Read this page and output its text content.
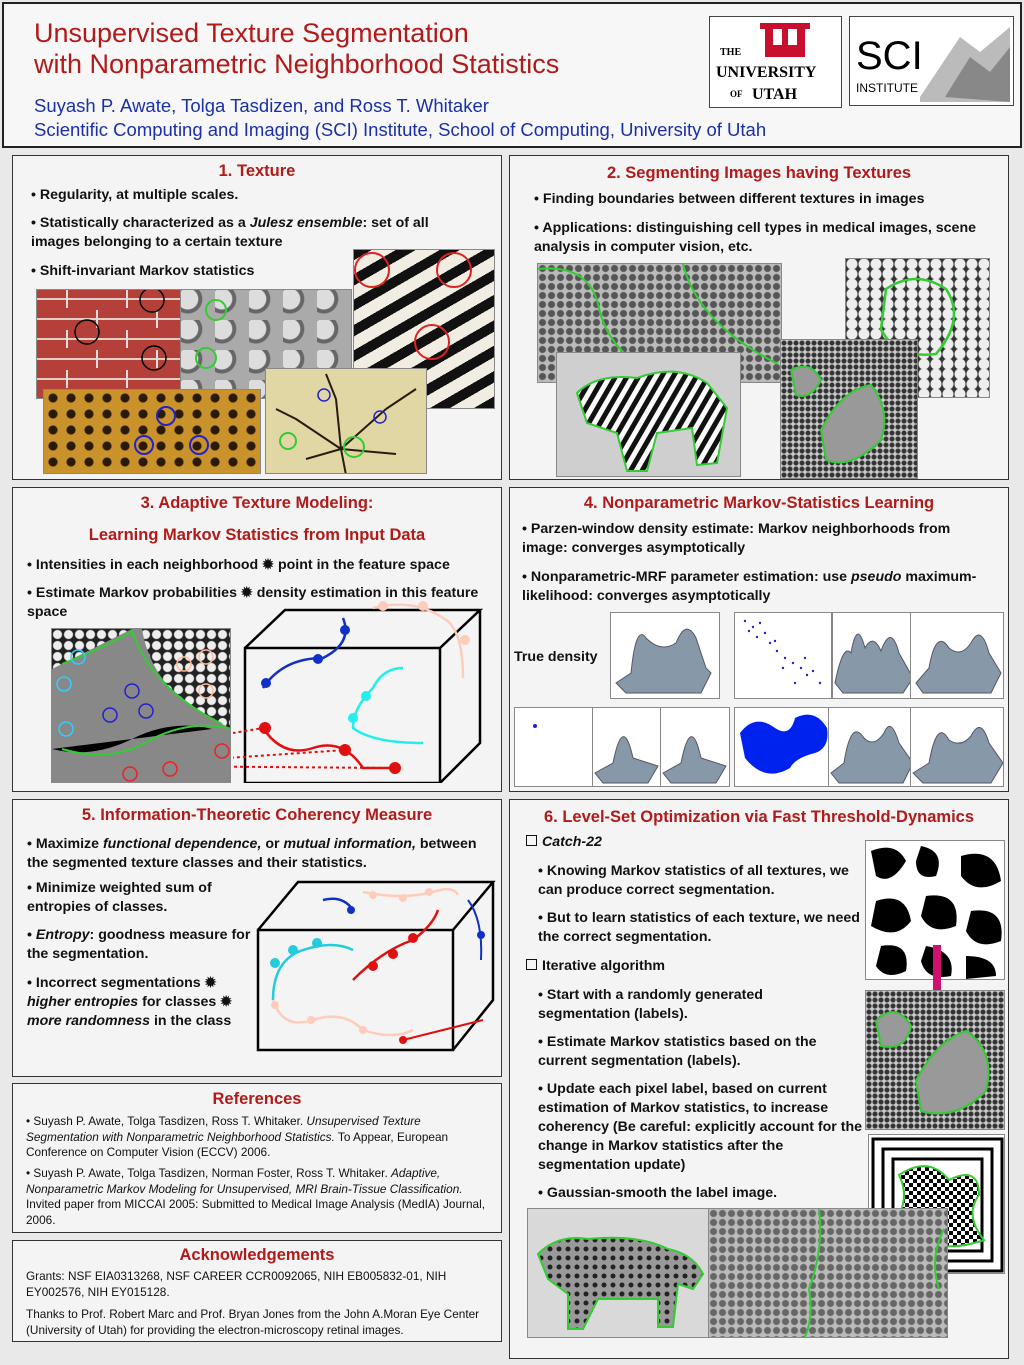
Unsupervised Texture Segmentation
with Nonparametric Neighborhood Statistics
Suyash P. Awate, Tolga Tasdizen, and Ross T. Whitaker
Scientific Computing and Imaging (SCI) Institute, School of Computing, University of Utah
THE
UNIVERSITY
OF UTAH
SCI
INSTITUTE
1. Texture
• Regularity, at multiple scales.
• Statistically characterized as a Julesz ensemble: set of all images belonging to a certain texture
• Shift-invariant Markov statistics
2. Segmenting Images having Textures
• Finding boundaries between different textures in images
• Applications: distinguishing cell types in medical images, scene analysis in computer vision, etc.
3. Adaptive Texture Modeling:
Learning Markov Statistics from Input Data
• Intensities in each neighborhood ✹ point in the feature space
• Estimate Markov probabilities ✹ density estimation in this feature space
4. Nonparametric Markov-Statistics Learning
• Parzen-window density estimate: Markov neighborhoods from image: converges asymptotically
• Nonparametric-MRF parameter estimation: use pseudo maximum-likelihood: converges asymptotically
True density
5. Information-Theoretic Coherency Measure
• Maximize functional dependence, or mutual information, between the segmented texture classes and their statistics.
• Minimize weighted sum of entropies of classes.
• Entropy: goodness measure for the segmentation.
• Incorrect segmentations ✹ higher entropies for classes ✹ more randomness in the class
6. Level-Set Optimization via Fast Threshold-Dynamics
Catch-22
• Knowing Markov statistics of all textures, we can produce correct segmentation.
• But to learn statistics of each texture, we need the correct segmentation.
Iterative algorithm
• Start with a randomly generated segmentation (labels).
• Estimate Markov statistics based on the current segmentation (labels).
• Update each pixel label, based on current estimation of Markov statistics, to increase coherency (Be careful: explicitly account for the change in Markov statistics after the segmentation update)
• Gaussian-smooth the label image.
References
• Suyash P. Awate, Tolga Tasdizen, Ross T. Whitaker. Unsupervised Texture Segmentation with Nonparametric Neighborhood Statistics. To Appear, European Conference on Computer Vision (ECCV) 2006.
• Suyash P. Awate, Tolga Tasdizen, Norman Foster, Ross T. Whitaker. Adaptive, Nonparametric Markov Modeling for Unsupervised, MRI Brain-Tissue Classification. Invited paper from MICCAI 2005: Submitted to Medical Image Analysis (MedIA) Journal, 2006.
Acknowledgements
Grants: NSF EIA0313268, NSF CAREER CCR0092065, NIH EB005832-01, NIH EY002576, NIH EY015128.
Thanks to Prof. Robert Marc and Prof. Bryan Jones from the John A.Moran Eye Center (University of Utah) for providing the electron-microscopy retinal images.
